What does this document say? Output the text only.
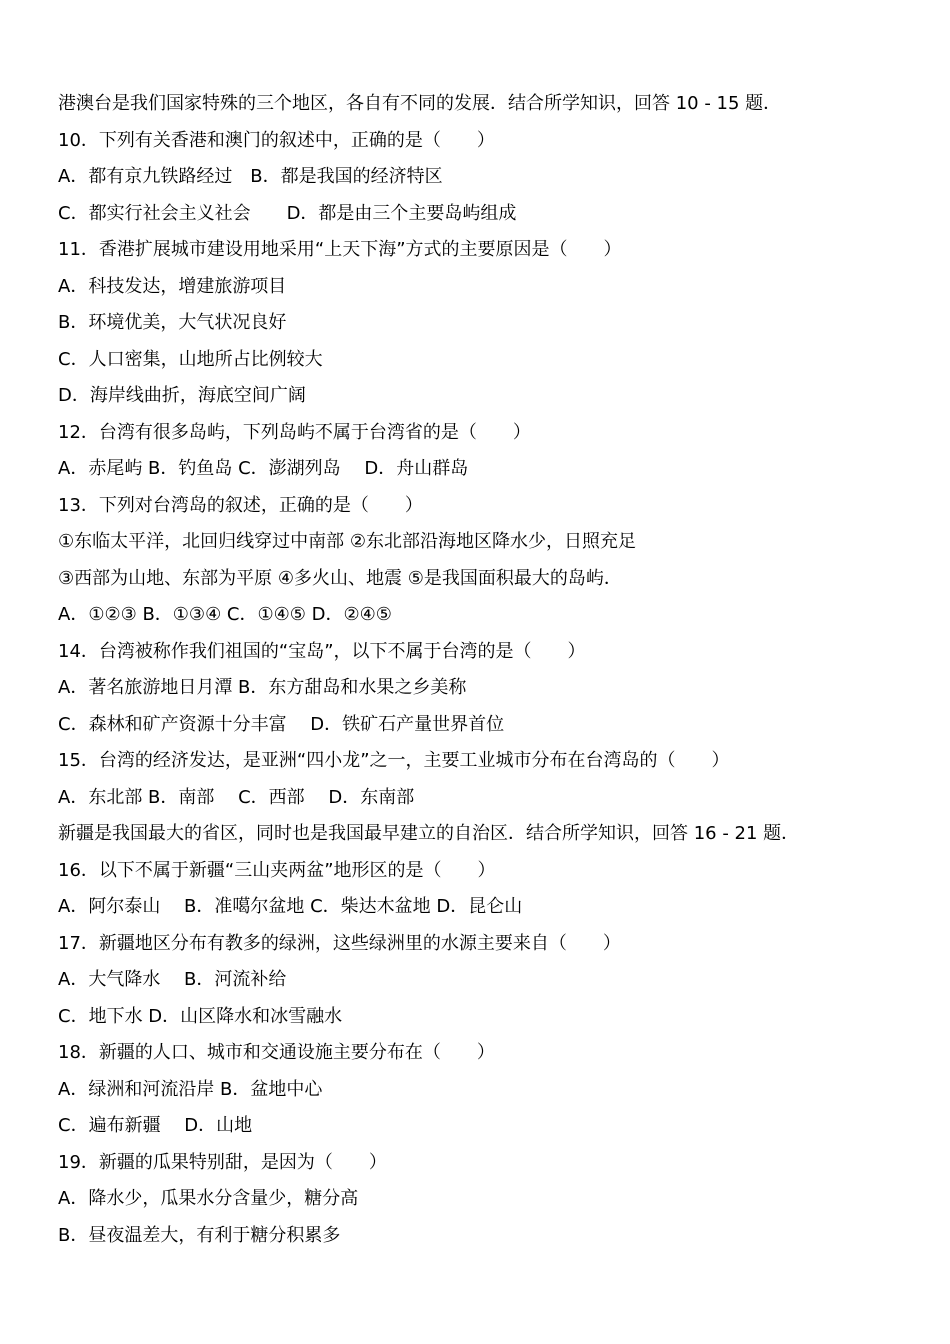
港澳台是我们国家特殊的三个地区，各自有不同的发展．结合所学知识，回答 10 - 15 题．
10．下列有关香港和澳门的叙述中，正确的是（　　）
A．都有京九铁路经过　B．都是我国的经济特区
C．都实行社会主义社会　　D．都是由三个主要岛屿组成
11．香港扩展城市建设用地采用“上天下海”方式的主要原因是（　　）
A．科技发达，增建旅游项目
B．环境优美，大气状况良好
C．人口密集，山地所占比例较大
D．海岸线曲折，海底空间广阔
12．台湾有很多岛屿，下列岛屿不属于台湾省的是（　　）
A．赤尾屿 B．钓鱼岛 C．澎湖列岛　 D．舟山群岛
13．下列对台湾岛的叙述，正确的是（　　）
①东临太平洋，北回归线穿过中南部 ②东北部沿海地区降水少，日照充足
③西部为山地、东部为平原 ④多火山、地震 ⑤是我国面积最大的岛屿．
A．①②③ B．①③④ C．①④⑤ D．②④⑤
14．台湾被称作我们祖国的“宝岛”，以下不属于台湾的是（　　）
A．著名旅游地日月潭 B．东方甜岛和水果之乡美称
C．森林和矿产资源十分丰富　 D．铁矿石产量世界首位
15．台湾的经济发达，是亚洲“四小龙”之一，主要工业城市分布在台湾岛的（　　）
A．东北部 B．南部　 C．西部　 D．东南部
新疆是我国最大的省区，同时也是我国最早建立的自治区．结合所学知识，回答 16 - 21 题．
16．以下不属于新疆“三山夹两盆”地形区的是（　　）
A．阿尔泰山　 B．准噶尔盆地 C．柴达木盆地 D．昆仑山
17．新疆地区分布有教多的绿洲，这些绿洲里的水源主要来自（　　）
A．大气降水　 B．河流补给
C．地下水 D．山区降水和冰雪融水
18．新疆的人口、城市和交通设施主要分布在（　　）
A．绿洲和河流沿岸 B．盆地中心
C．遍布新疆　 D．山地
19．新疆的瓜果特别甜，是因为（　　）
A．降水少，瓜果水分含量少，糖分高
B．昼夜温差大，有利于糖分积累多
